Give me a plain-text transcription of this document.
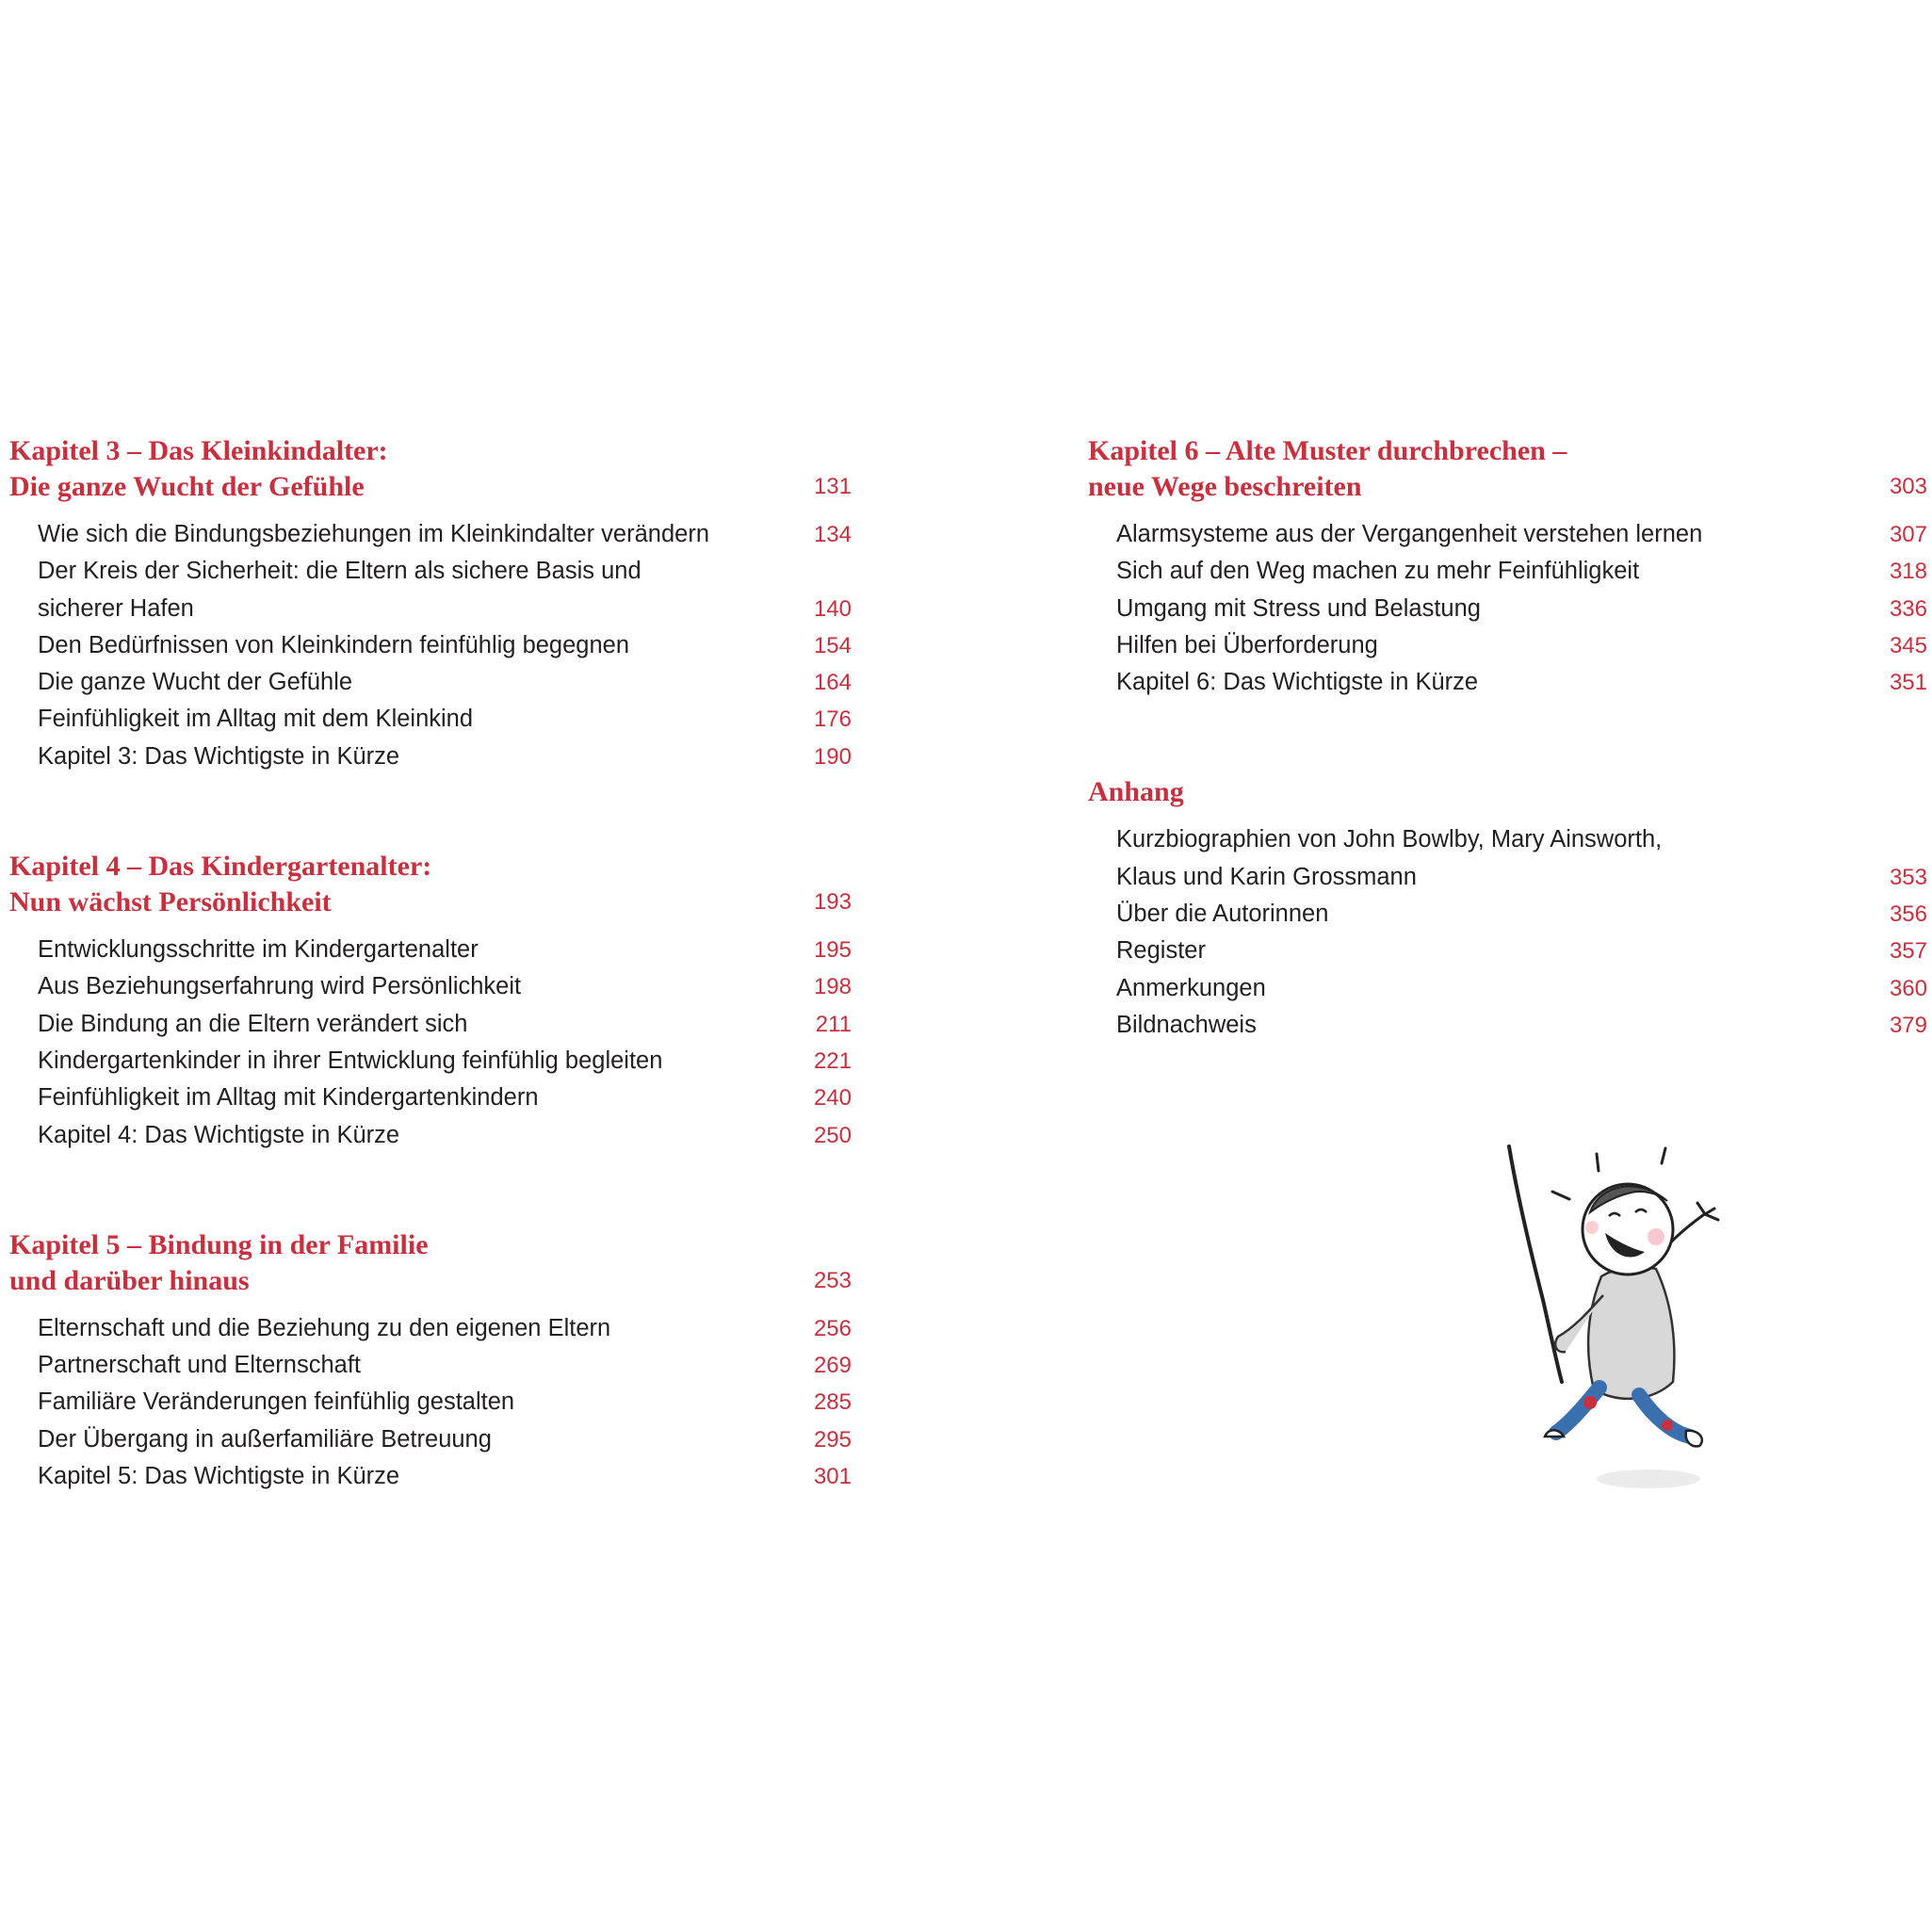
Kapitel 3 – Das Kleinkindalter:
Die ganze Wucht der Gefühle	131
Wie sich die Bindungsbeziehungen im Kleinkindalter verändern	134
Der Kreis der Sicherheit: die Eltern als sichere Basis und
sicherer Hafen	140
Den Bedürfnissen von Kleinkindern feinfühlig begegnen	154
Die ganze Wucht der Gefühle	164
Feinfühligkeit im Alltag mit dem Kleinkind	176
Kapitel 3: Das Wichtigste in Kürze	190
Kapitel 4 – Das Kindergartenalter:
Nun wächst Persönlichkeit	193
Entwicklungsschritte im Kindergartenalter	195
Aus Beziehungserfahrung wird Persönlichkeit	198
Die Bindung an die Eltern verändert sich	211
Kindergartenkinder in ihrer Entwicklung feinfühlig begleiten	221
Feinfühligkeit im Alltag mit Kindergartenkindern	240
Kapitel 4: Das Wichtigste in Kürze	250
Kapitel 5 – Bindung in der Familie
und darüber hinaus	253
Elternschaft und die Beziehung zu den eigenen Eltern	256
Partnerschaft und Elternschaft	269
Familiäre Veränderungen feinfühlig gestalten	285
Der Übergang in außerfamiliäre Betreuung	295
Kapitel 5: Das Wichtigste in Kürze	301
Kapitel 6 – Alte Muster durchbrechen –
neue Wege beschreiten	303
Alarmsysteme aus der Vergangenheit verstehen lernen	307
Sich auf den Weg machen zu mehr Feinfühligkeit	318
Umgang mit Stress und Belastung	336
Hilfen bei Überforderung	345
Kapitel 6: Das Wichtigste in Kürze	351
Anhang
Kurzbiographien von John Bowlby, Mary Ainsworth,
Klaus und Karin Grossmann	353
Über die Autorinnen	356
Register	357
Anmerkungen	360
Bildnachweis	379
